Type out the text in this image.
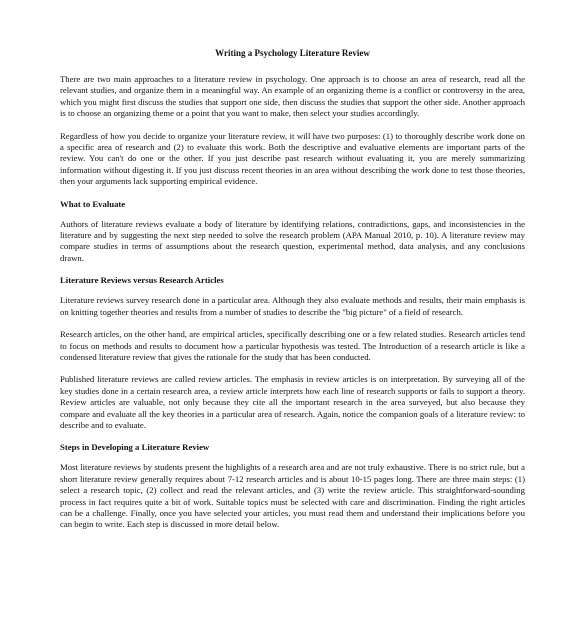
Writing a Psychology Literature Review

There are two main approaches to a literature review in psychology. One approach is to choose an area of research, read all the relevant studies, and organize them in a meaningful way. An example of an organizing theme is a conflict or controversy in the area, which you might first discuss the studies that support one side, then discuss the studies that support the other side. Another approach is to choose an organizing theme or a point that you want to make, then select your studies accordingly.

Regardless of how you decide to organize your literature review, it will have two purposes: (1) to thoroughly describe work done on a specific area of research and (2) to evaluate this work. Both the descriptive and evaluative elements are important parts of the review. You can't do one or the other. If you just describe past research without evaluating it, you are merely summarizing information without digesting it. If you just discuss recent theories in an area without describing the work done to test those theories, then your arguments lack supporting empirical evidence.

What to Evaluate

Authors of literature reviews evaluate a body of literature by identifying relations, contradictions, gaps, and inconsistencies in the literature and by suggesting the next step needed to solve the research problem (APA Manual 2010, p. 10). A literature review may compare studies in terms of assumptions about the research question, experimental method, data analysis, and any conclusions drawn.

Literature Reviews versus Research Articles

Literature reviews survey research done in a particular area. Although they also evaluate methods and results, their main emphasis is on knitting together theories and results from a number of studies to describe the "big picture" of a field of research.

Research articles, on the other hand, are empirical articles, specifically describing one or a few related studies. Research articles tend to focus on methods and results to document how a particular hypothesis was tested. The Introduction of a research article is like a condensed literature review that gives the rationale for the study that has been conducted.

Published literature reviews are called review articles. The emphasis in review articles is on interpretation. By surveying all of the key studies done in a certain research area, a review article interprets how each line of research supports or fails to support a theory. Review articles are valuable, not only because they cite all the important research in the area surveyed, but also because they compare and evaluate all the key theories in a particular area of research. Again, notice the companion goals of a literature review: to describe and to evaluate.

Steps in Developing a Literature Review

Most literature reviews by students present the highlights of a research area and are not truly exhaustive. There is no strict rule, but a short literature review generally requires about 7-12 research articles and is about 10-15 pages long. There are three main steps: (1) select a research topic, (2) collect and read the relevant articles, and (3) write the review article. This straightforward-sounding process in fact requires quite a bit of work. Suitable topics must be selected with care and discrimination. Finding the right articles can be a challenge. Finally, once you have selected your articles, you must read them and understand their implications before you can begin to write. Each step is discussed in more detail below.
